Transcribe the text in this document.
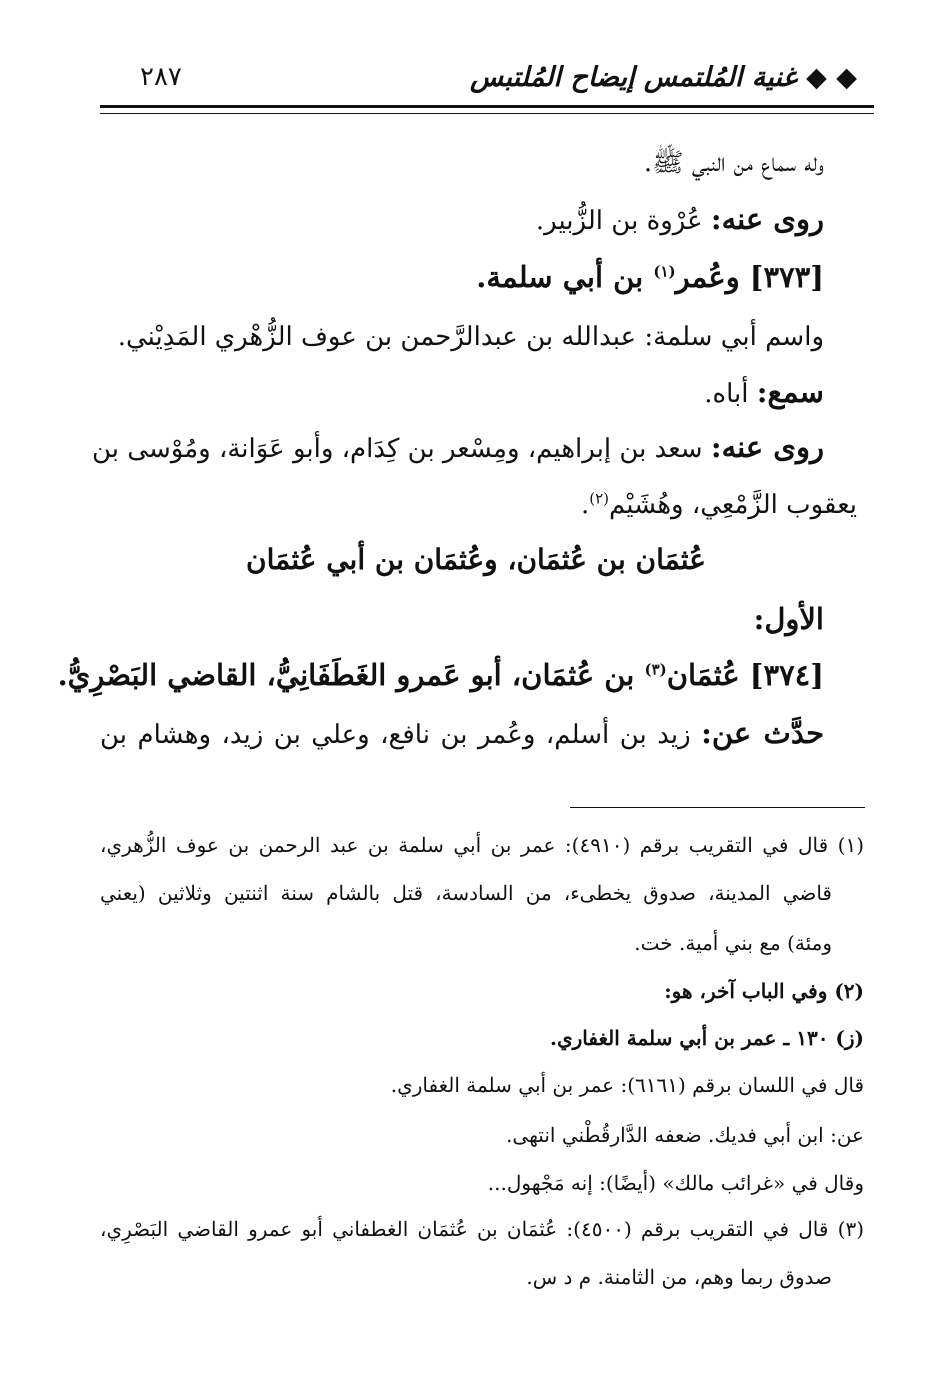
◆ ◆ غنية المُلتمس إيضاح المُلتبس
٢٨٧
وله سماع من النبي ﷺ.
روى عنه: عُرْوة بن الزُّبير.
[٣٧٣] وعُمر$^{(١)}$ بن أبي سلمة.
واسم أبي سلمة: عبدالله بن عبدالرَّحمن بن عوف الزُّهْري المَدِيْني.
سمع: أباه.
روى عنه: سعد بن إبراهيم، ومِسْعر بن كِدَام، وأبو عَوَانة، ومُوْسى بن
يعقوب الزَّمْعِي، وهُشَيْم$^{(٢)}$.
عُثمَان بن عُثمَان، وعُثمَان بن أبي عُثمَان
الأول:
[٣٧٤] عُثمَان$^{(٣)}$ بن عُثمَان، أبو عَمرو الغَطَفَانِيُّ، القاضي البَصْرِيُّ.
حدَّث عن: زيد بن أسلم، وعُمر بن نافع، وعلي بن زيد، وهشام بن
(١) قال في التقريب برقم (٤٩١٠): عمر بن أبي سلمة بن عبد الرحمن بن عوف الزُّهري،
قاضي المدينة، صدوق يخطىء، من السادسة، قتل بالشام سنة اثنتين وثلاثين (يعني
ومئة) مع بني أمية. خت.
(٢) وفي الباب آخر، هو:
(ز) ١٣٠ ـ عمر بن أبي سلمة الغفاري.
قال في اللسان برقم (٦١٦١): عمر بن أبي سلمة الغفاري.
عن: ابن أبي فديك. ضعفه الدَّارقُطْني انتهى.
وقال في «غرائب مالك» (أيضًا): إنه مَجْهول...
(٣) قال في التقريب برقم (٤٥٠٠): عُثمَان بن عُثمَان الغطفاني أبو عمرو القاضي البَصْرِي،
صدوق ربما وهم، من الثامنة. م د س.
